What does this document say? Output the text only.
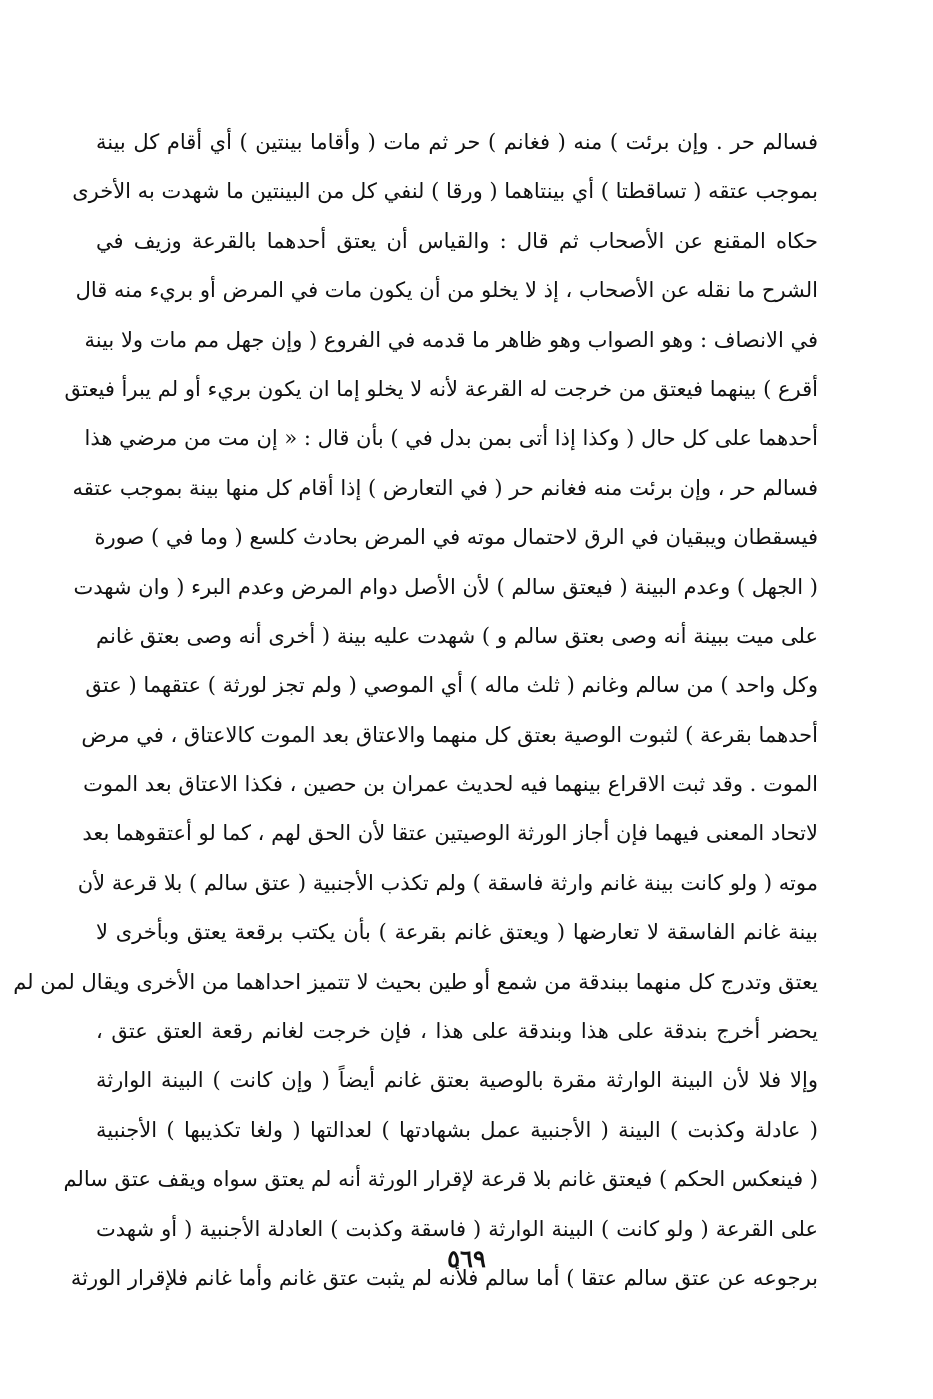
فسالم حر . وإن برئت ) منه ( فغانم ) حر ثم مات ( وأقاما بينتين ) أي أقام كل بينة
بموجب عتقه ( تساقطتا ) أي بينتاهما ( ورقا ) لنفي كل من البينتين ما شهدت به الأخرى
حكاه المقنع عن الأصحاب ثم قال : والقياس أن يعتق أحدهما بالقرعة وزيف في
الشرح ما نقله عن الأصحاب ، إذ لا يخلو من أن يكون مات في المرض أو بريء منه قال
في الانصاف : وهو الصواب وهو ظاهر ما قدمه في الفروع ( وإن جهل مم مات ولا بينة
أقرع ) بينهما فيعتق من خرجت له القرعة لأنه لا يخلو إما ان يكون بريء أو لم يبرأ فيعتق
أحدهما على كل حال ( وكذا إذا أتى بمن بدل في ) بأن قال : « إن مت من مرضي هذا
فسالم حر ، وإن برئت منه فغانم حر ( في التعارض ) إذا أقام كل منها بينة بموجب عتقه
فيسقطان ويبقيان في الرق لاحتمال موته في المرض بحادث كلسع ( وما في ) صورة
( الجهل ) وعدم البينة ( فيعتق سالم ) لأن الأصل دوام المرض وعدم البرء ( وان شهدت
على ميت ببينة أنه وصى بعتق سالم و ) شهدت عليه بينة ( أخرى أنه وصى بعتق غانم
وكل واحد ) من سالم وغانم ( ثلث ماله ) أي الموصي ( ولم تجز لورثة ) عتقهما ( عتق
أحدهما بقرعة ) لثبوت الوصية بعتق كل منهما والاعتاق بعد الموت كالاعتاق ، في مرض
الموت . وقد ثبت الاقراع بينهما فيه لحديث عمران بن حصين ، فكذا الاعتاق بعد الموت
لاتحاد المعنى فيهما فإن أجاز الورثة الوصيتين عتقا لأن الحق لهم ، كما لو أعتقوهما بعد
موته ( ولو كانت بينة غانم وارثة فاسقة ) ولم تكذب الأجنبية ( عتق سالم ) بلا قرعة لأن
بينة غانم الفاسقة لا تعارضها ( ويعتق غانم بقرعة ) بأن يكتب برقعة يعتق وبأخرى لا
يعتق وتدرج كل منهما ببندقة من شمع أو طين بحيث لا تتميز احداهما من الأخرى ويقال لمن لم
يحضر أخرج بندقة على هذا وبندقة على هذا ، فإن خرجت لغانم رقعة العتق عتق ،
وإلا فلا لأن البينة الوارثة مقرة بالوصية بعتق غانم أيضاً ( وإن كانت ) البينة الوارثة
( عادلة وكذبت ) البينة ( الأجنبية عمل بشهادتها ) لعدالتها ( ولغا تكذيبها ) الأجنبية
( فينعكس الحكم ) فيعتق غانم بلا قرعة لإقرار الورثة أنه لم يعتق سواه ويقف عتق سالم
على القرعة ( ولو كانت ) البينة الوارثة ( فاسقة وكذبت ) العادلة الأجنبية ( أو شهدت
برجوعه عن عتق سالم عتقا ) أما سالم فلأنه لم يثبت عتق غانم وأما غانم فلإقرار الورثة
٥٦٩
